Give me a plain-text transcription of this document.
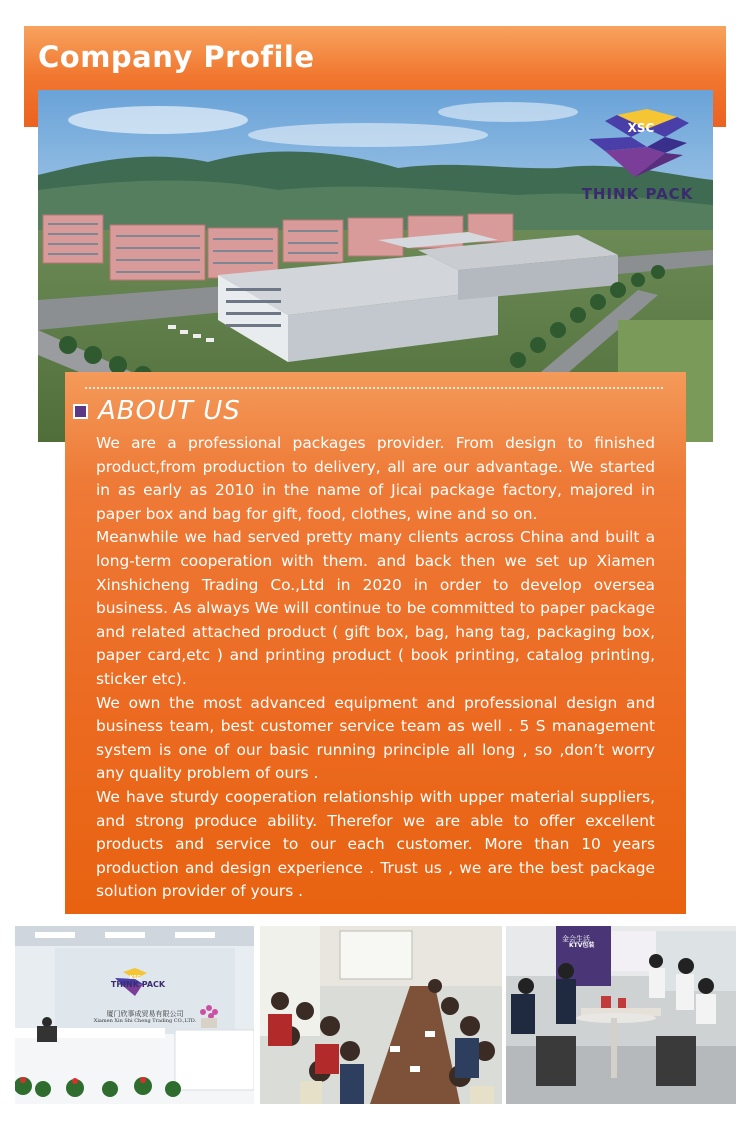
Company Profile
XSC
THINK PACK
ABOUT US

We are a professional packages provider. From design to finished product,from production to delivery, all are our advantage. We started in as early as 2010 in the name of Jicai package factory, majored in paper box and bag for gift, food, clothes, wine and so on.

Meanwhile we had served pretty many clients across China and built a long-term cooperation with them. and back then we set up Xiamen Xinshicheng Trading Co.,Ltd in 2020 in order to develop oversea business. As always We will continue to be committed to paper package and related attached product ( gift box, bag, hang tag, packaging box, paper card,etc ) and printing product ( book printing, catalog printing, sticker etc).

We own the most advanced equipment and professional design and business team, best customer service team as well . 5 S management system is one of our basic running principle all long , so ,don’t worry any quality problem of ours .

We have sturdy cooperation relationship with upper material suppliers, and strong produce ability. Therefor we are able to offer excellent products and service to our each customer. More than 10 years production and design experience . Trust us , we are the best package solution provider of yours .

XSC
THINK PACK
厦门欣事成贸易有限公司
Xiamen Xin Shi Cheng Trading CO.,LTD.
金会生活
KTV包装
